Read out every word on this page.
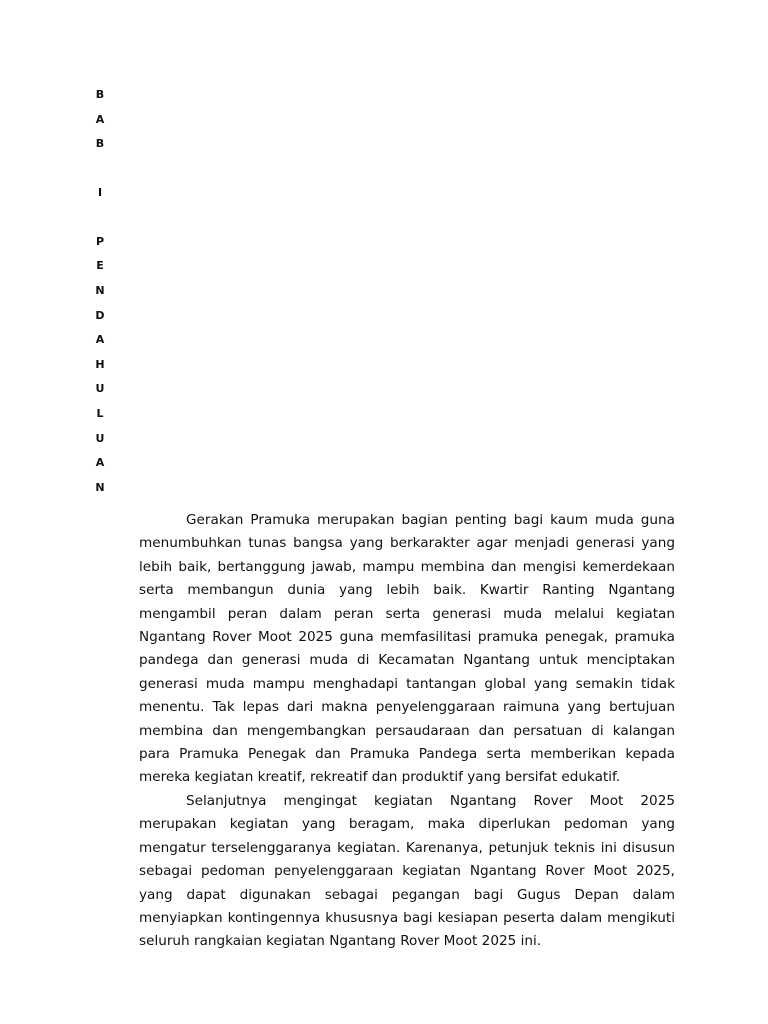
B
A
B
I
P
E
N
D
A
H
U
L
U
A
N

Gerakan Pramuka merupakan bagian penting bagi kaum muda guna menumbuhkan tunas bangsa yang berkarakter agar menjadi generasi yang lebih baik, bertanggung jawab, mampu membina dan mengisi kemerdekaan serta membangun dunia yang lebih baik. Kwartir Ranting Ngantang mengambil peran dalam peran serta generasi muda melalui kegiatan Ngantang Rover Moot 2025 guna memfasilitasi pramuka penegak, pramuka pandega dan generasi muda di Kecamatan Ngantang untuk menciptakan generasi muda mampu menghadapi tantangan global yang semakin tidak menentu. Tak lepas dari makna penyelenggaraan raimuna yang bertujuan membina dan mengembangkan persaudaraan dan persatuan di kalangan para Pramuka Penegak dan Pramuka Pandega serta memberikan kepada mereka kegiatan kreatif, rekreatif dan produktif yang bersifat edukatif.

Selanjutnya mengingat kegiatan Ngantang Rover Moot 2025 merupakan kegiatan yang beragam, maka diperlukan pedoman yang mengatur terselenggaranya kegiatan. Karenanya, petunjuk teknis ini disusun sebagai pedoman penyelenggaraan kegiatan Ngantang Rover Moot 2025, yang dapat digunakan sebagai pegangan bagi Gugus Depan dalam menyiapkan kontingennya khususnya bagi kesiapan peserta dalam mengikuti seluruh rangkaian kegiatan Ngantang Rover Moot 2025 ini.
